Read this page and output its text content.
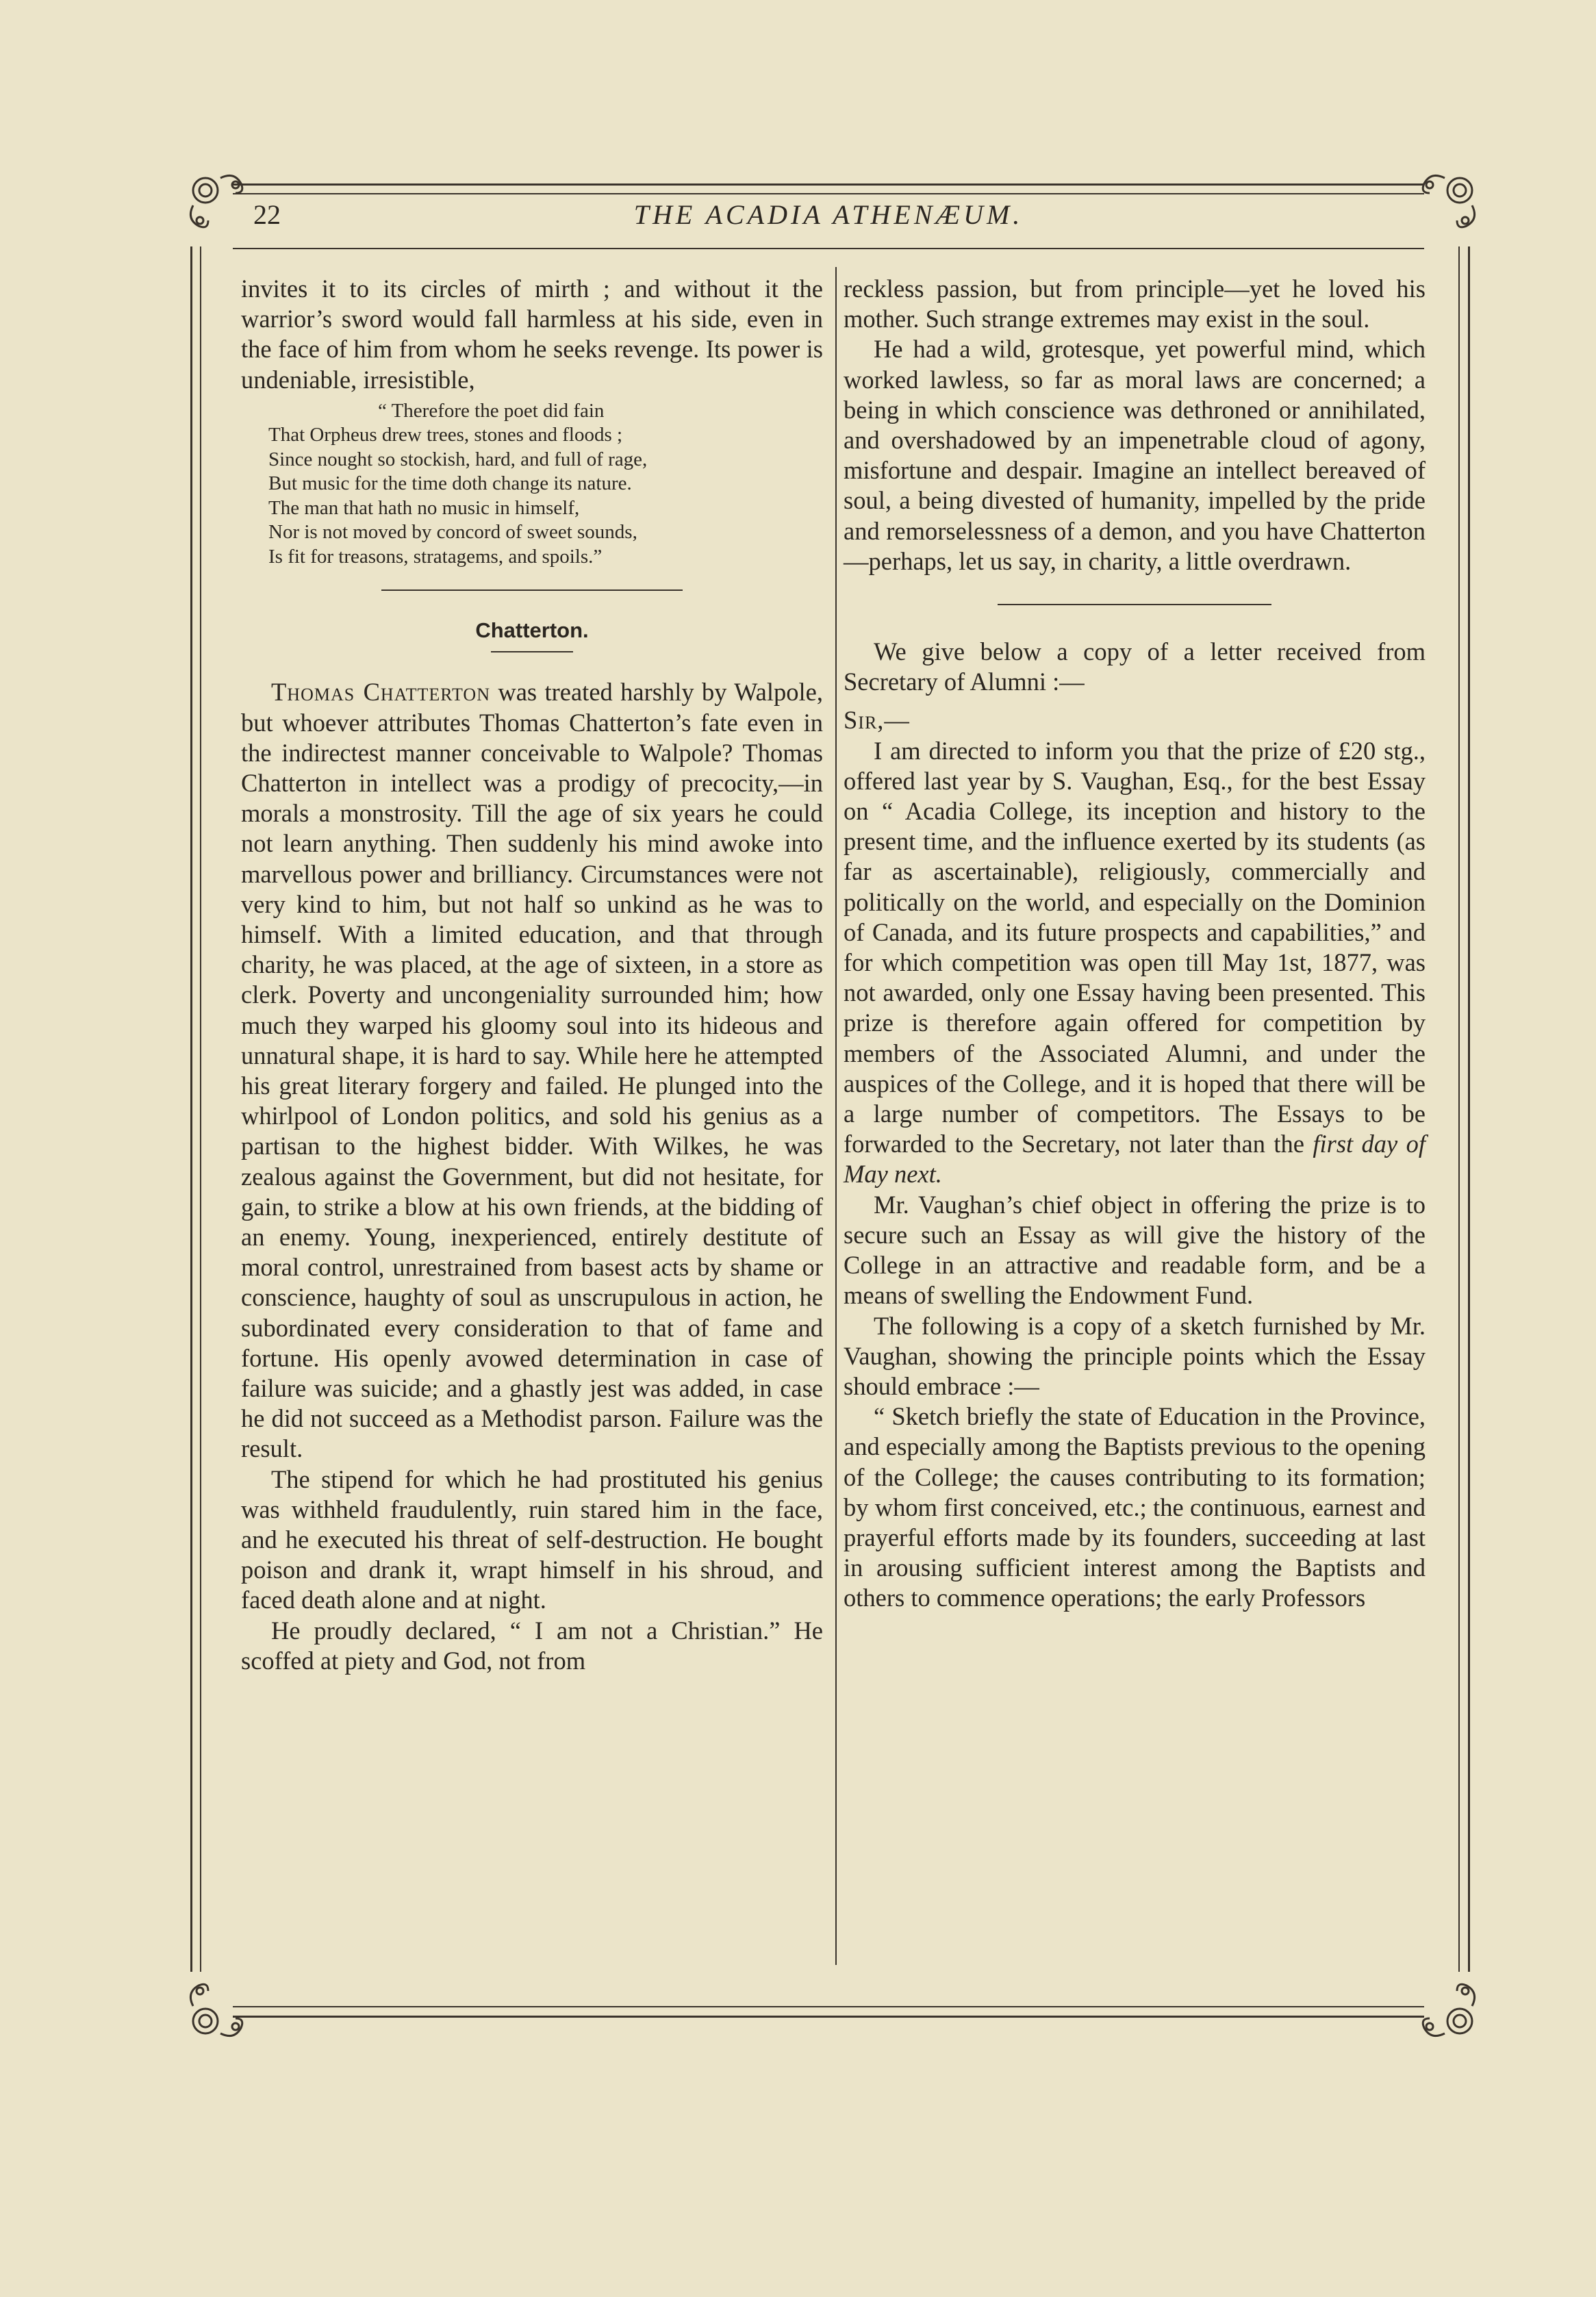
22	THE ACADIA ATHENÆUM.

invites it to its circles of mirth ; and without it the warrior’s sword would fall harmless at his side, even in the face of him from whom he seeks revenge. Its power is undeniable, irresistible,

“ Therefore the poet did fain
That Orpheus drew trees, stones and floods ;
Since nought so stockish, hard, and full of rage,
But music for the time doth change its nature.
The man that hath no music in himself,
Nor is not moved by concord of sweet sounds,
Is fit for treasons, stratagems, and spoils.”
Chatterton.

Thomas Chatterton was treated harshly by Walpole, but whoever attributes Thomas Chatterton’s fate even in the indirectest manner conceivable to Walpole? Thomas Chatterton in intellect was a prodigy of precocity,—in morals a monstrosity. Till the age of six years he could not learn anything. Then suddenly his mind awoke into marvellous power and brilliancy. Circumstances were not very kind to him, but not half so unkind as he was to himself. With a limited education, and that through charity, he was placed, at the age of sixteen, in a store as clerk. Poverty and uncongeniality surrounded him; how much they warped his gloomy soul into its hideous and unnatural shape, it is hard to say. While here he attempted his great literary forgery and failed. He plunged into the whirlpool of London politics, and sold his genius as a partisan to the highest bidder. With Wilkes, he was zealous against the Government, but did not hesitate, for gain, to strike a blow at his own friends, at the bidding of an enemy. Young, inexperienced, entirely destitute of moral control, unrestrained from basest acts by shame or conscience, haughty of soul as unscrupulous in action, he subordinated every consideration to that of fame and fortune. His openly avowed determination in case of failure was suicide; and a ghastly jest was added, in case he did not succeed as a Methodist parson. Failure was the result.

The stipend for which he had prostituted his genius was withheld fraudulently, ruin stared him in the face, and he executed his threat of self-destruction. He bought poison and drank it, wrapt himself in his shroud, and faced death alone and at night.

He proudly declared, “ I am not a Christian.” He scoffed at piety and God, not from

reckless passion, but from principle—yet he loved his mother. Such strange extremes may exist in the soul.

He had a wild, grotesque, yet powerful mind, which worked lawless, so far as moral laws are concerned; a being in which conscience was dethroned or annihilated, and overshadowed by an impenetrable cloud of agony, misfortune and despair. Imagine an intellect bereaved of soul, a being divested of humanity, impelled by the pride and remorselessness of a demon, and you have Chatterton—perhaps, let us say, in charity, a little overdrawn.

We give below a copy of a letter received from Secretary of Alumni :—

Sir,—

I am directed to inform you that the prize of £20 stg., offered last year by S. Vaughan, Esq., for the best Essay on “ Acadia College, its inception and history to the present time, and the influence exerted by its students (as far as ascertainable), religiously, commercially and politically on the world, and especially on the Dominion of Canada, and its future prospects and capabilities,” and for which competition was open till May 1st, 1877, was not awarded, only one Essay having been presented. This prize is therefore again offered for competition by members of the Associated Alumni, and under the auspices of the College, and it is hoped that there will be a large number of competitors. The Essays to be forwarded to the Secretary, not later than the first day of May next.

Mr. Vaughan’s chief object in offering the prize is to secure such an Essay as will give the history of the College in an attractive and readable form, and be a means of swelling the Endowment Fund.

The following is a copy of a sketch furnished by Mr. Vaughan, showing the principle points which the Essay should embrace :—

“ Sketch briefly the state of Education in the Province, and especially among the Baptists previous to the opening of the College; the causes contributing to its formation; by whom first conceived, etc.; the continuous, earnest and prayerful efforts made by its founders, succeeding at last in arousing sufficient interest among the Baptists and others to commence operations; the early Professors
